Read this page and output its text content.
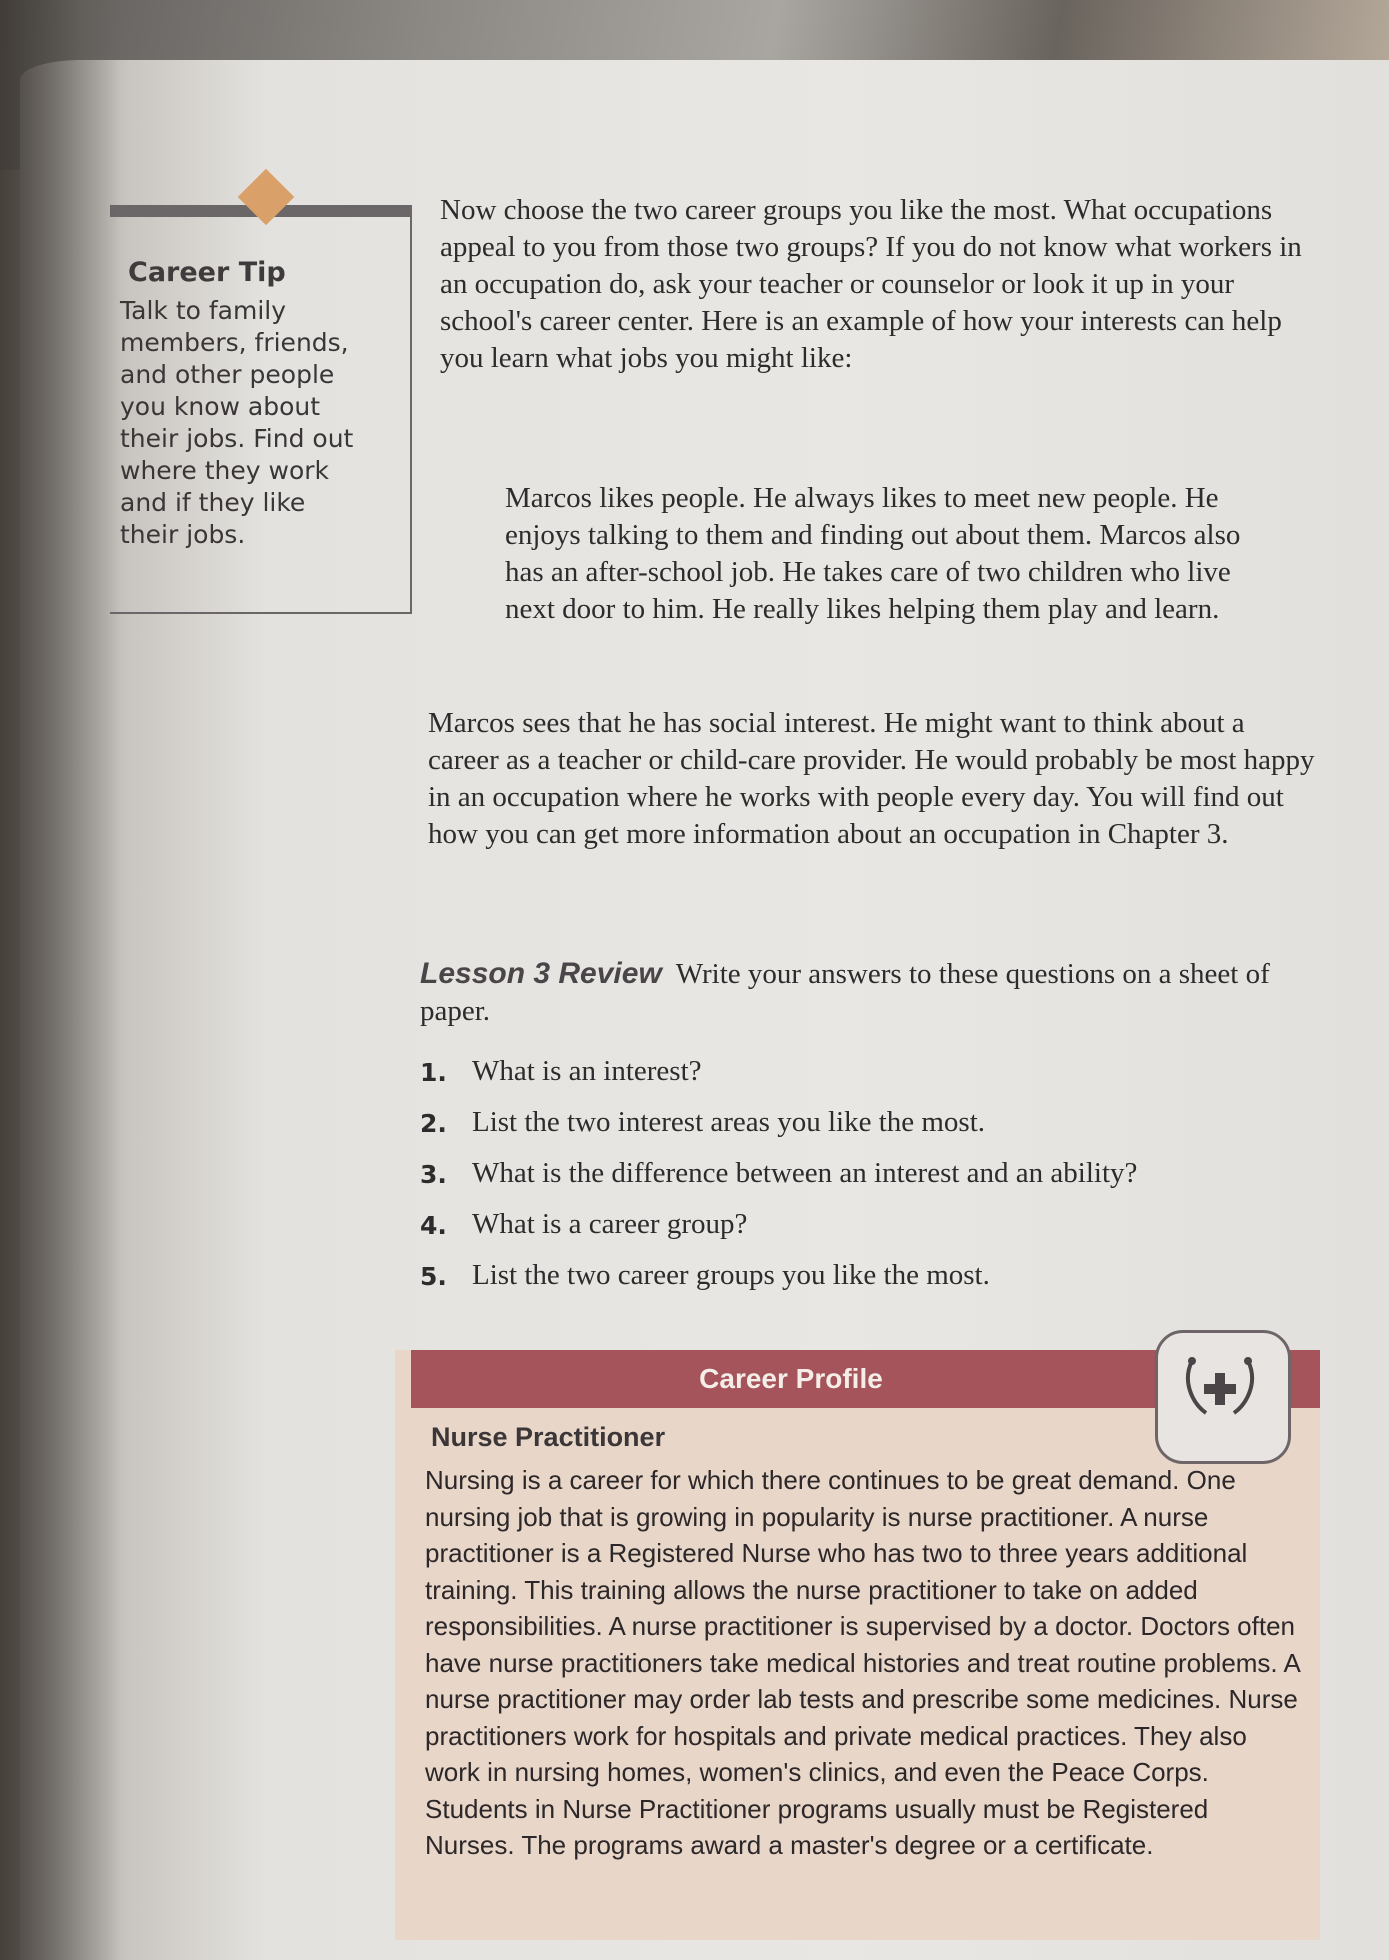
Career Tip
Talk to family
members, friends,
and other people
you know about
their jobs. Find out
where they work
and if they like
their jobs.
Now choose the two career groups you like the most. What occupations appeal to you from those two groups? If you do not know what workers in an occupation do, ask your teacher or counselor or look it up in your school's career center. Here is an example of how your interests can help you learn what jobs you might like:
Marcos likes people. He always likes to meet new people. He enjoys talking to them and finding out about them. Marcos also has an after-school job. He takes care of two children who live next door to him. He really likes helping them play and learn.
Marcos sees that he has social interest. He might want to think about a career as a teacher or child-care provider. He would probably be most happy in an occupation where he works with people every day. You will find out how you can get more information about an occupation in Chapter 3.
Lesson 3 Review Write your answers to these questions on a sheet of paper.
1. What is an interest?
2. List the two interest areas you like the most.
3. What is the difference between an interest and an ability?
4. What is a career group?
5. List the two career groups you like the most.
Career Profile
Nurse Practitioner
Nursing is a career for which there continues to be great demand. One nursing job that is growing in popularity is nurse practitioner. A nurse practitioner is a Registered Nurse who has two to three years additional training. This training allows the nurse practitioner to take on added responsibilities. A nurse practitioner is supervised by a doctor. Doctors often have nurse practitioners take medical histories and treat routine problems. A nurse practitioner may order lab tests and prescribe some medicines. Nurse practitioners work for hospitals and private medical practices. They also work in nursing homes, women's clinics, and even the Peace Corps. Students in Nurse Practitioner programs usually must be Registered Nurses. The programs award a master's degree or a certificate.
